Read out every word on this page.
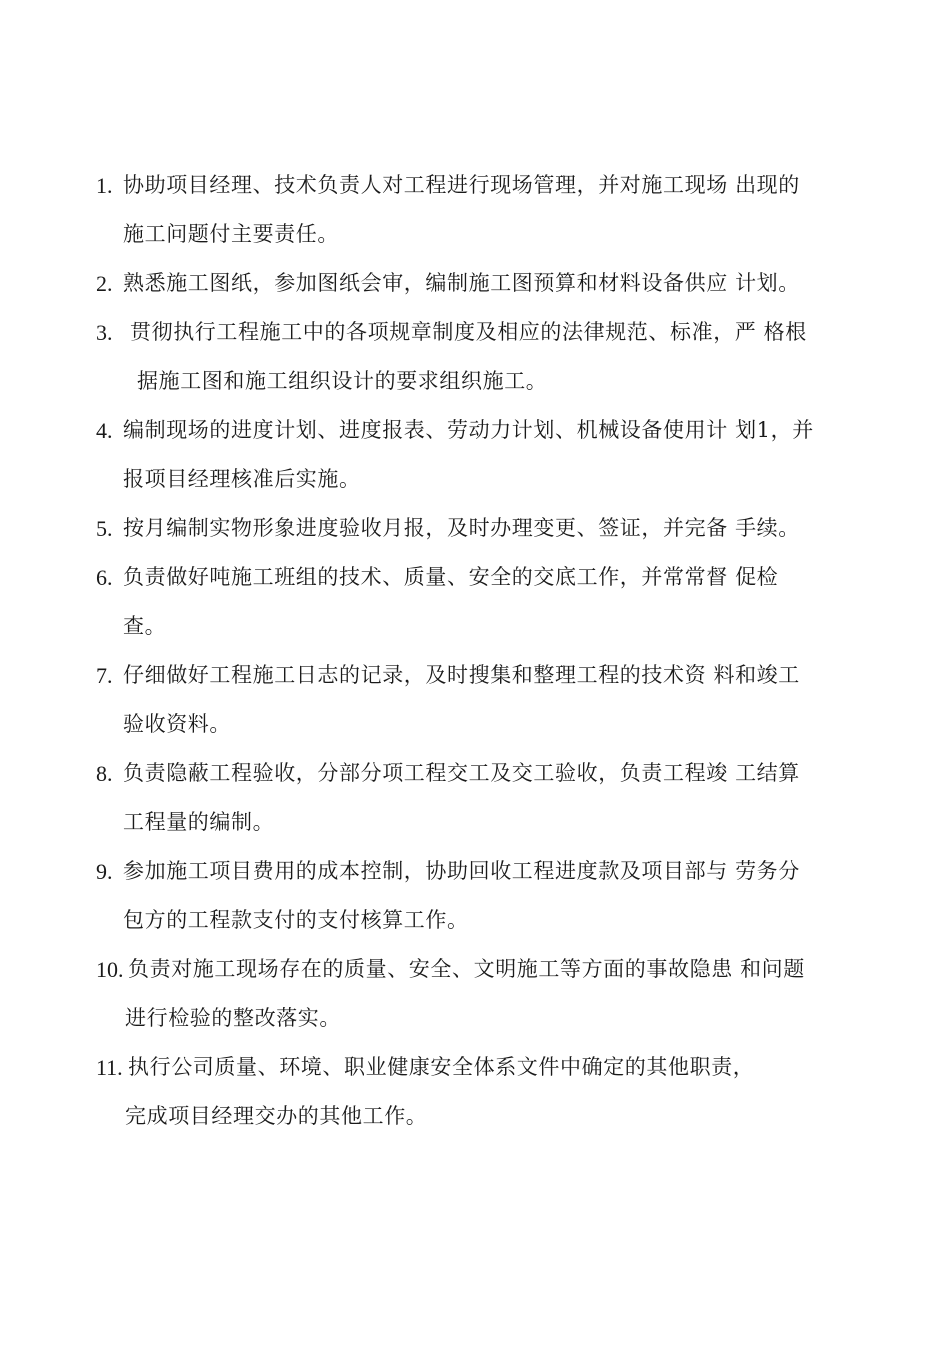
1. 协助项目经理、技术负责人对工程进行现场管理，并对施工现场 出现的
施工问题付主要责任。
2. 熟悉施工图纸，参加图纸会审，编制施工图预算和材料设备供应 计划。
3. 贯彻执行工程施工中的各项规章制度及相应的法律规范、标准，严 格根
据施工图和施工组织设计的要求组织施工。
4. 编制现场的进度计划、进度报表、劳动力计划、机械设备使用计 划1，并
报项目经理核准后实施。
5. 按月编制实物形象进度验收月报，及时办理变更、签证，并完备 手续。
6. 负责做好吨施工班组的技术、质量、安全的交底工作，并常常督 促检
查。
7. 仔细做好工程施工日志的记录，及时搜集和整理工程的技术资 料和竣工
验收资料。
8. 负责隐蔽工程验收，分部分项工程交工及交工验收，负责工程竣 工结算
工程量的编制。
9. 参加施工项目费用的成本控制，协助回收工程进度款及项目部与 劳务分
包方的工程款支付的支付核算工作。
10. 负责对施工现场存在的质量、安全、文明施工等方面的事故隐患 和问题
进行检验的整改落实。
11. 执行公司质量、环境、职业健康安全体系文件中确定的其他职责，
完成项目经理交办的其他工作。
